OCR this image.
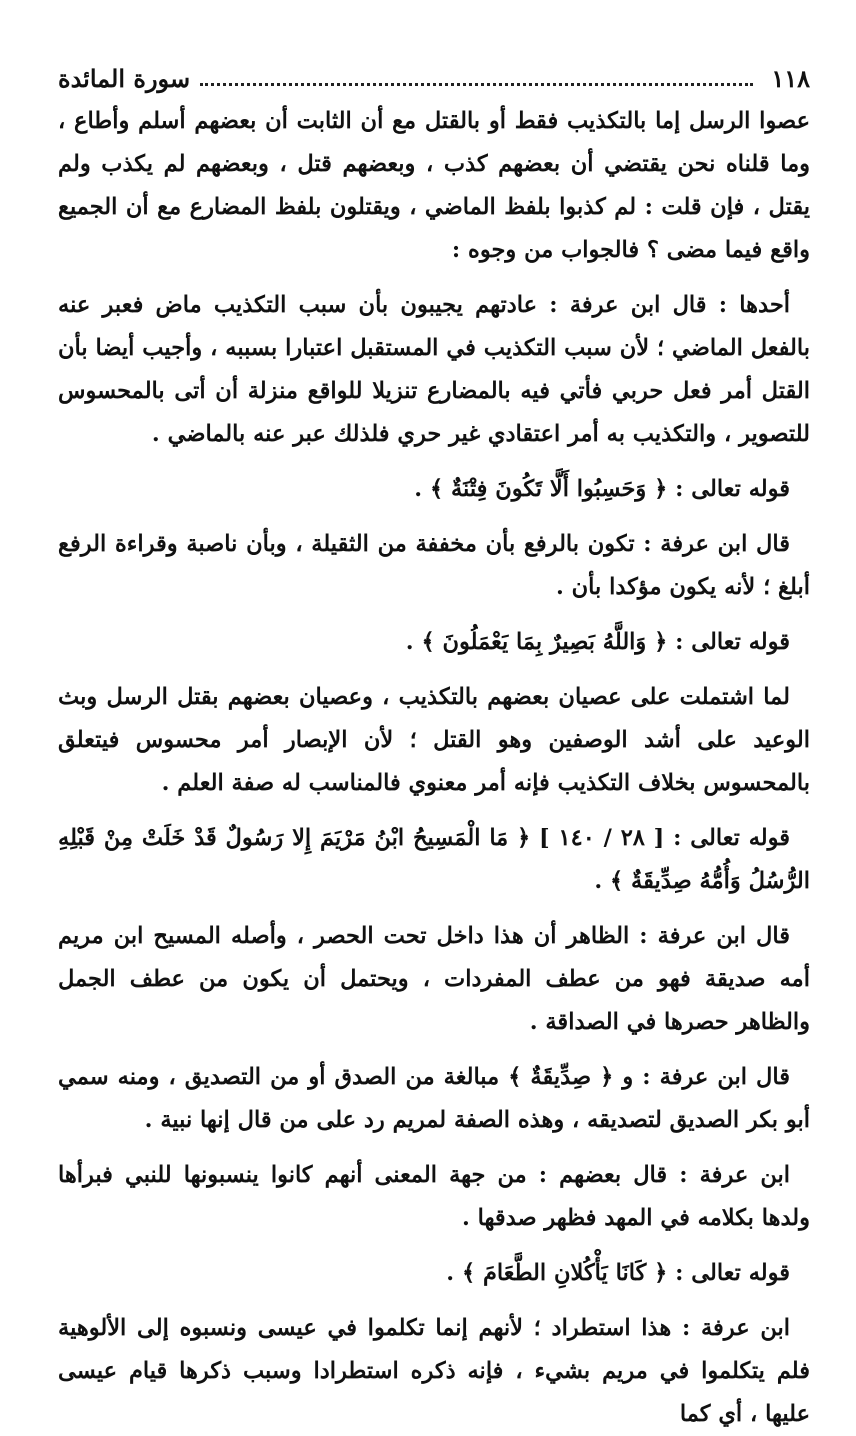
١١٨
سورة المائدة

عصوا الرسل إما بالتكذيب فقط أو بالقتل مع أن الثابت أن بعضهم أسلم وأطاع ، وما قلناه نحن يقتضي أن بعضهم كذب ، وبعضهم قتل ، وبعضهم لم يكذب ولم يقتل ، فإن قلت : لم كذبوا بلفظ الماضي ، ويقتلون بلفظ المضارع مع أن الجميع واقع فيما مضى ؟ فالجواب من وجوه :

أحدها : قال ابن عرفة : عادتهم يجيبون بأن سبب التكذيب ماض فعبر عنه بالفعل الماضي ؛ لأن سبب التكذيب في المستقبل اعتبارا بسببه ، وأجيب أيضا بأن القتل أمر فعل حربي فأتي فيه بالمضارع تنزيلا للواقع منزلة أن أتى بالمحسوس للتصوير ، والتكذيب به أمر اعتقادي غير حري فلذلك عبر عنه بالماضي .

قوله تعالى : ﴿ وَحَسِبُوا أَلَّا تَكُونَ فِتْنَةٌ ﴾ .

قال ابن عرفة : تكون بالرفع بأن مخففة من الثقيلة ، وبأن ناصبة وقراءة الرفع أبلغ ؛ لأنه يكون مؤكدا بأن .

قوله تعالى : ﴿ وَاللَّهُ بَصِيرٌ بِمَا يَعْمَلُونَ ﴾ .

لما اشتملت على عصيان بعضهم بالتكذيب ، وعصيان بعضهم بقتل الرسل وبث الوعيد على أشد الوصفين وهو القتل ؛ لأن الإبصار أمر محسوس فيتعلق بالمحسوس بخلاف التكذيب فإنه أمر معنوي فالمناسب له صفة العلم .

قوله تعالى : [ ٢٨ / ١٤٠ ] ﴿ مَا الْمَسِيحُ ابْنُ مَرْيَمَ إِلا رَسُولٌ قَدْ خَلَتْ مِنْ قَبْلِهِ الرُّسُلُ وَأُمُّهُ صِدِّيقَةٌ ﴾ .

قال ابن عرفة : الظاهر أن هذا داخل تحت الحصر ، وأصله المسيح ابن مريم أمه صديقة فهو من عطف المفردات ، ويحتمل أن يكون من عطف الجمل والظاهر حصرها في الصداقة .

قال ابن عرفة : و ﴿ صِدِّيقَةٌ ﴾ مبالغة من الصدق أو من التصديق ، ومنه سمي أبو بكر الصديق لتصديقه ، وهذه الصفة لمريم رد على من قال إنها نبية .

ابن عرفة : قال بعضهم : من جهة المعنى أنهم كانوا ينسبونها للنبي فبرأها ولدها بكلامه في المهد فظهر صدقها .

قوله تعالى : ﴿ كَانَا يَأْكُلانِ الطَّعَامَ ﴾ .

ابن عرفة : هذا استطراد ؛ لأنهم إنما تكلموا في عيسى ونسبوه إلى الألوهية فلم يتكلموا في مريم بشيء ، فإنه ذكره استطرادا وسبب ذكرها قيام عيسى عليها ، أي كما
